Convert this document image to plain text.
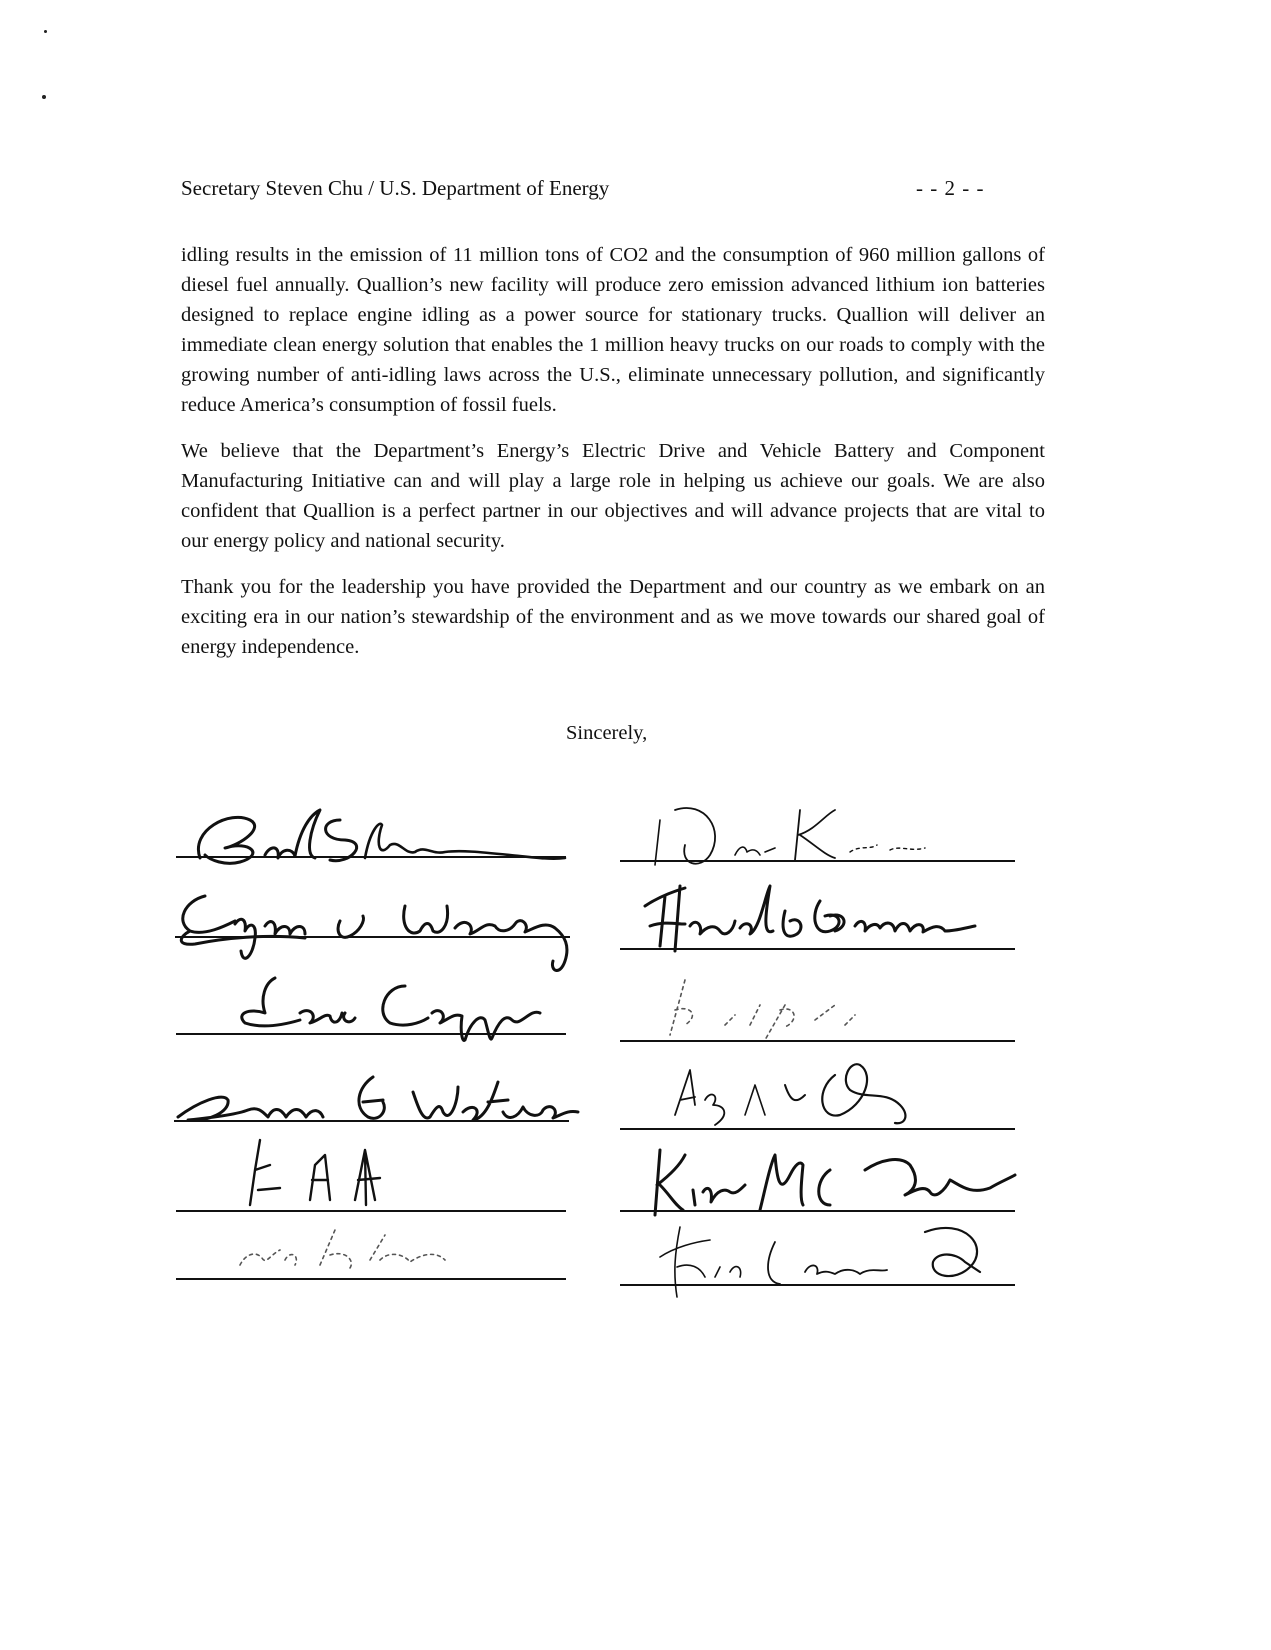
Secretary Steven Chu / U.S. Department of Energy	- - 2 - -

idling results in the emission of 11 million tons of CO2 and the consumption of 960 million gallons of diesel fuel annually. Quallion’s new facility will produce zero emission advanced lithium ion batteries designed to replace engine idling as a power source for stationary trucks. Quallion will deliver an immediate clean energy solution that enables the 1 million heavy trucks on our roads to comply with the growing number of anti-idling laws across the U.S., eliminate unnecessary pollution, and significantly reduce America’s consumption of fossil fuels.

We believe that the Department’s Energy’s Electric Drive and Vehicle Battery and Component Manufacturing Initiative can and will play a large role in helping us achieve our goals. We are also confident that Quallion is a perfect partner in our objectives and will advance projects that are vital to our energy policy and national security.

Thank you for the leadership you have provided the Department and our country as we embark on an exciting era in our nation’s stewardship of the environment and as we move towards our shared goal of energy independence.

Sincerely,
